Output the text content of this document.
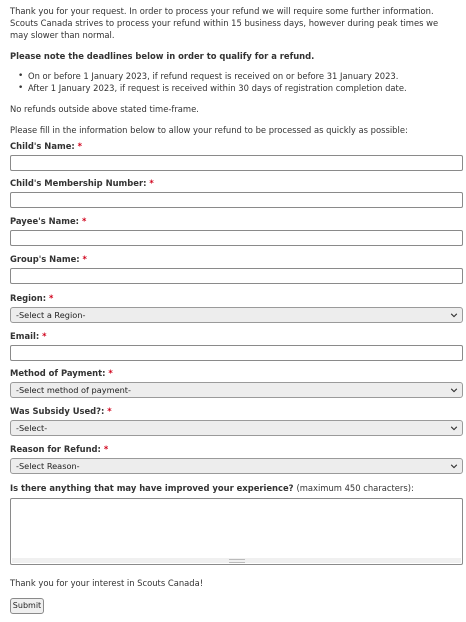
Thank you for your request. In order to process your refund we will require some further information. Scouts Canada strives to process your refund within 15 business days, however during peak times we may slower than normal.

Please note the deadlines below in order to qualify for a refund.

• On or before 1 January 2023, if refund request is received on or before 31 January 2023.
• After 1 January 2023, if request is received within 30 days of registration completion date.

No refunds outside above stated time-frame.

Please fill in the information below to allow your refund to be processed as quickly as possible:

Child's Name: *
Child's Membership Number: *
Payee's Name: *
Group's Name: *
Region: *
-Select a Region-
Email: *
Method of Payment: *
-Select method of payment-
Was Subsidy Used?: *
-Select-
Reason for Refund: *
-Select Reason-
Is there anything that may have improved your experience? (maximum 450 characters):
Thank you for your interest in Scouts Canada!
Submit
